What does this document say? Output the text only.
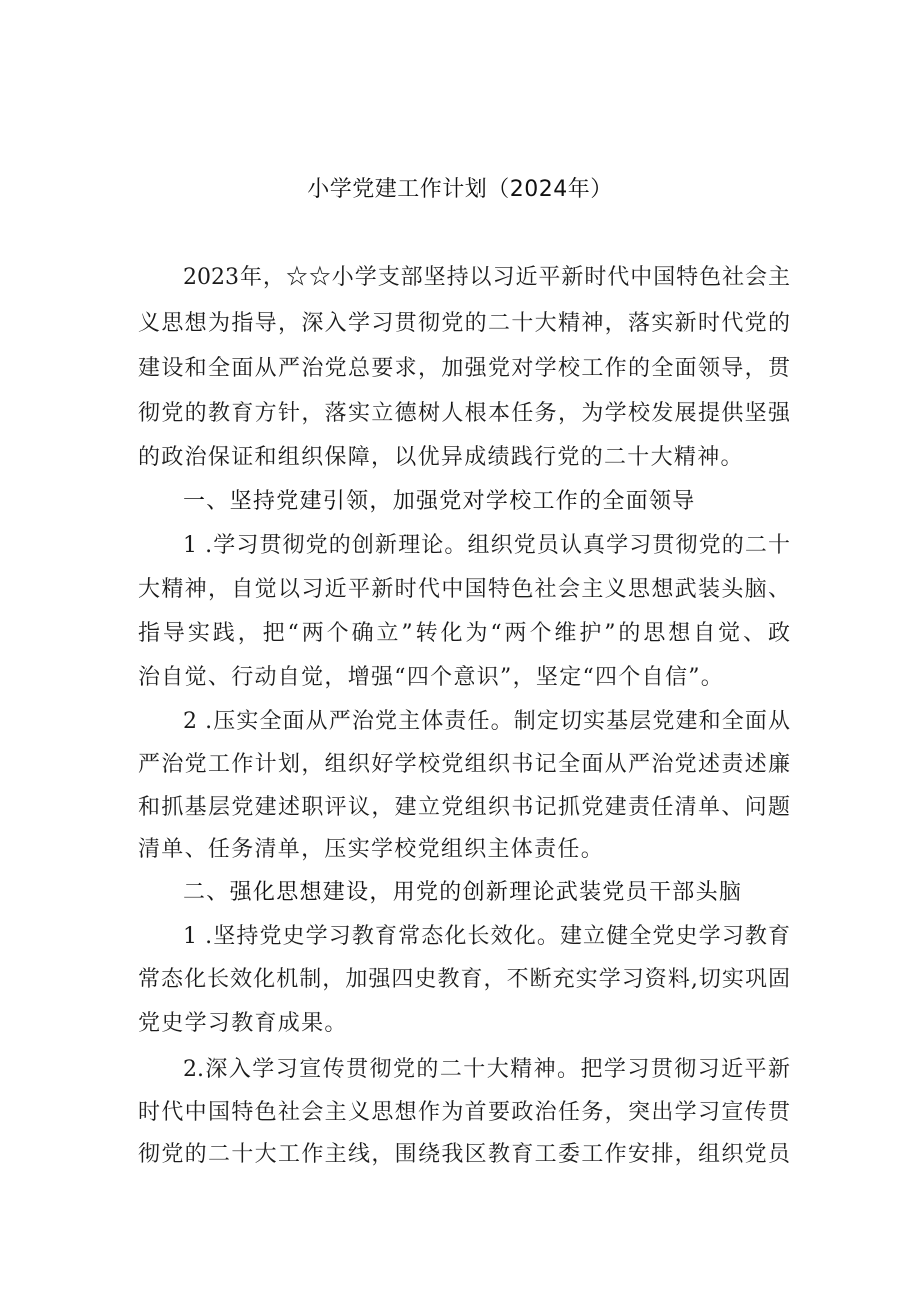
小学党建工作计划（2024年）
2023年，☆☆小学支部坚持以习近平新时代中国特色社会主
义思想为指导，深入学习贯彻党的二十大精神，落实新时代党的
建设和全面从严治党总要求，加强党对学校工作的全面领导，贯
彻党的教育方针，落实立德树人根本任务，为学校发展提供坚强
的政治保证和组织保障，以优异成绩践行党的二十大精神。
一、坚持党建引领，加强党对学校工作的全面领导
1 .学习贯彻党的创新理论。组织党员认真学习贯彻党的二十
大精神，自觉以习近平新时代中国特色社会主义思想武装头脑、
指导实践，把“两个确立”转化为“两个维护”的思想自觉、政
治自觉、行动自觉，增强“四个意识”，坚定“四个自信”。
2 .压实全面从严治党主体责任。制定切实基层党建和全面从
严治党工作计划，组织好学校党组织书记全面从严治党述责述廉
和抓基层党建述职评议，建立党组织书记抓党建责任清单、问题
清单、任务清单，压实学校党组织主体责任。
二、强化思想建设，用党的创新理论武装党员干部头脑
1 .坚持党史学习教育常态化长效化。建立健全党史学习教育
常态化长效化机制，加强四史教育，不断充实学习资料,切实巩固
党史学习教育成果。
2.深入学习宣传贯彻党的二十大精神。把学习贯彻习近平新
时代中国特色社会主义思想作为首要政治任务，突出学习宣传贯
彻党的二十大工作主线，围绕我区教育工委工作安排，组织党员
